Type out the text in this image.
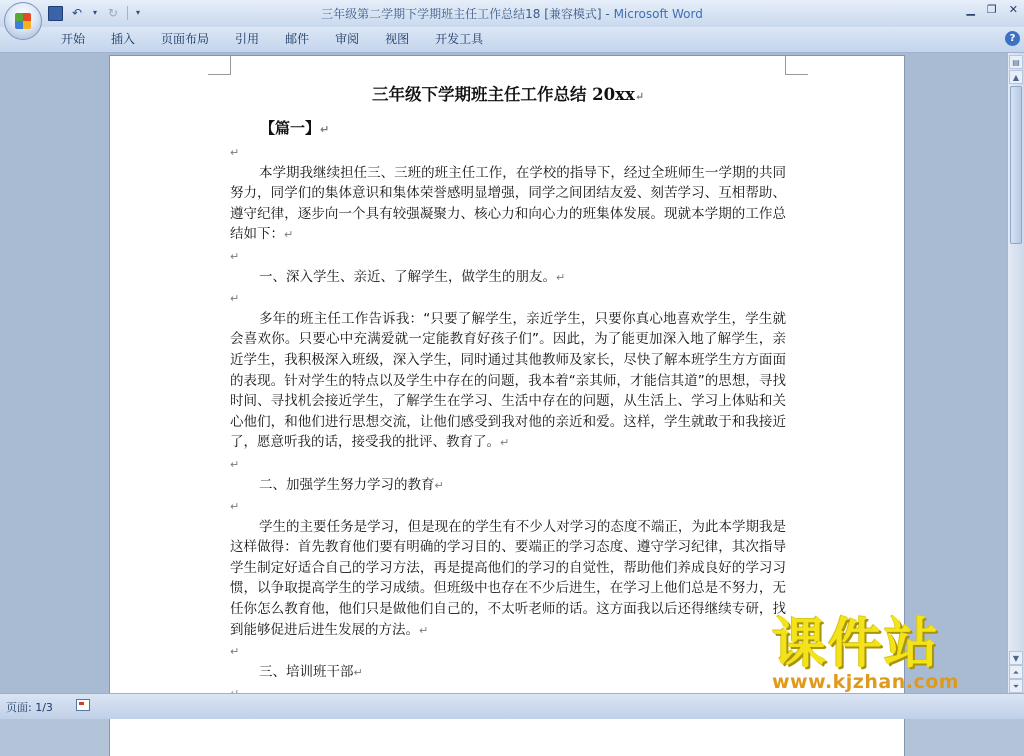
↶	▾ ↻	▾	三年级第二学期下学期班主任工作总结18 [兼容模式] - Microsoft Word	▁ ❐ ✕
开始	插入	页面布局	引用	邮件	审阅	视图	开发工具	?
三年级下学期班主任工作总结 20xx↵
【篇一】↵
↵

本学期我继续担任三、三班的班主任工作，在学校的指导下，经过全班师生一学期的共同努力，同学们的集体意识和集体荣誉感明显增强，同学之间团结友爱、刻苦学习、互相帮助、遵守纪律，逐步向一个具有较强凝聚力、核心力和向心力的班集体发展。现就本学期的工作总结如下：↵

↵

一、深入学生、亲近、了解学生，做学生的朋友。↵

↵

多年的班主任工作告诉我：“只要了解学生，亲近学生，只要你真心地喜欢学生，学生就会喜欢你。只要心中充满爱就一定能教育好孩子们”。因此，为了能更加深入地了解学生，亲近学生，我积极深入班级，深入学生，同时通过其他教师及家长，尽快了解本班学生方方面面的表现。针对学生的特点以及学生中存在的问题，我本着“亲其师，才能信其道”的思想，寻找时间、寻找机会接近学生，了解学生在学习、生活中存在的问题，从生活上、学习上体贴和关心他们，和他们进行思想交流，让他们感受到我对他的亲近和爱。这样，学生就敢于和我接近了，愿意听我的话，接受我的批评、教育了。↵

↵

二、加强学生努力学习的教育↵

↵

学生的主要任务是学习，但是现在的学生有不少人对学习的态度不端正，为此本学期我是这样做得：首先教育他们要有明确的学习目的、要端正的学习态度、遵守学习纪律，其次指导学生制定好适合自己的学习方法，再是提高他们的学习的自觉性，帮助他们养成良好的学习习惯，以争取提高学生的学习成绩。但班级中也存在不少后进生，在学习上他们总是不努力，无任你怎么教育他，他们只是做他们自己的，不太听老师的话。这方面我以后还得继续专研，找到能够促进后进生发展的方法。↵

↵

三、培训班干部↵

▤
▲
▼
⏶
⏷
页面: 1/3
课件站
www.kjzhan.com
